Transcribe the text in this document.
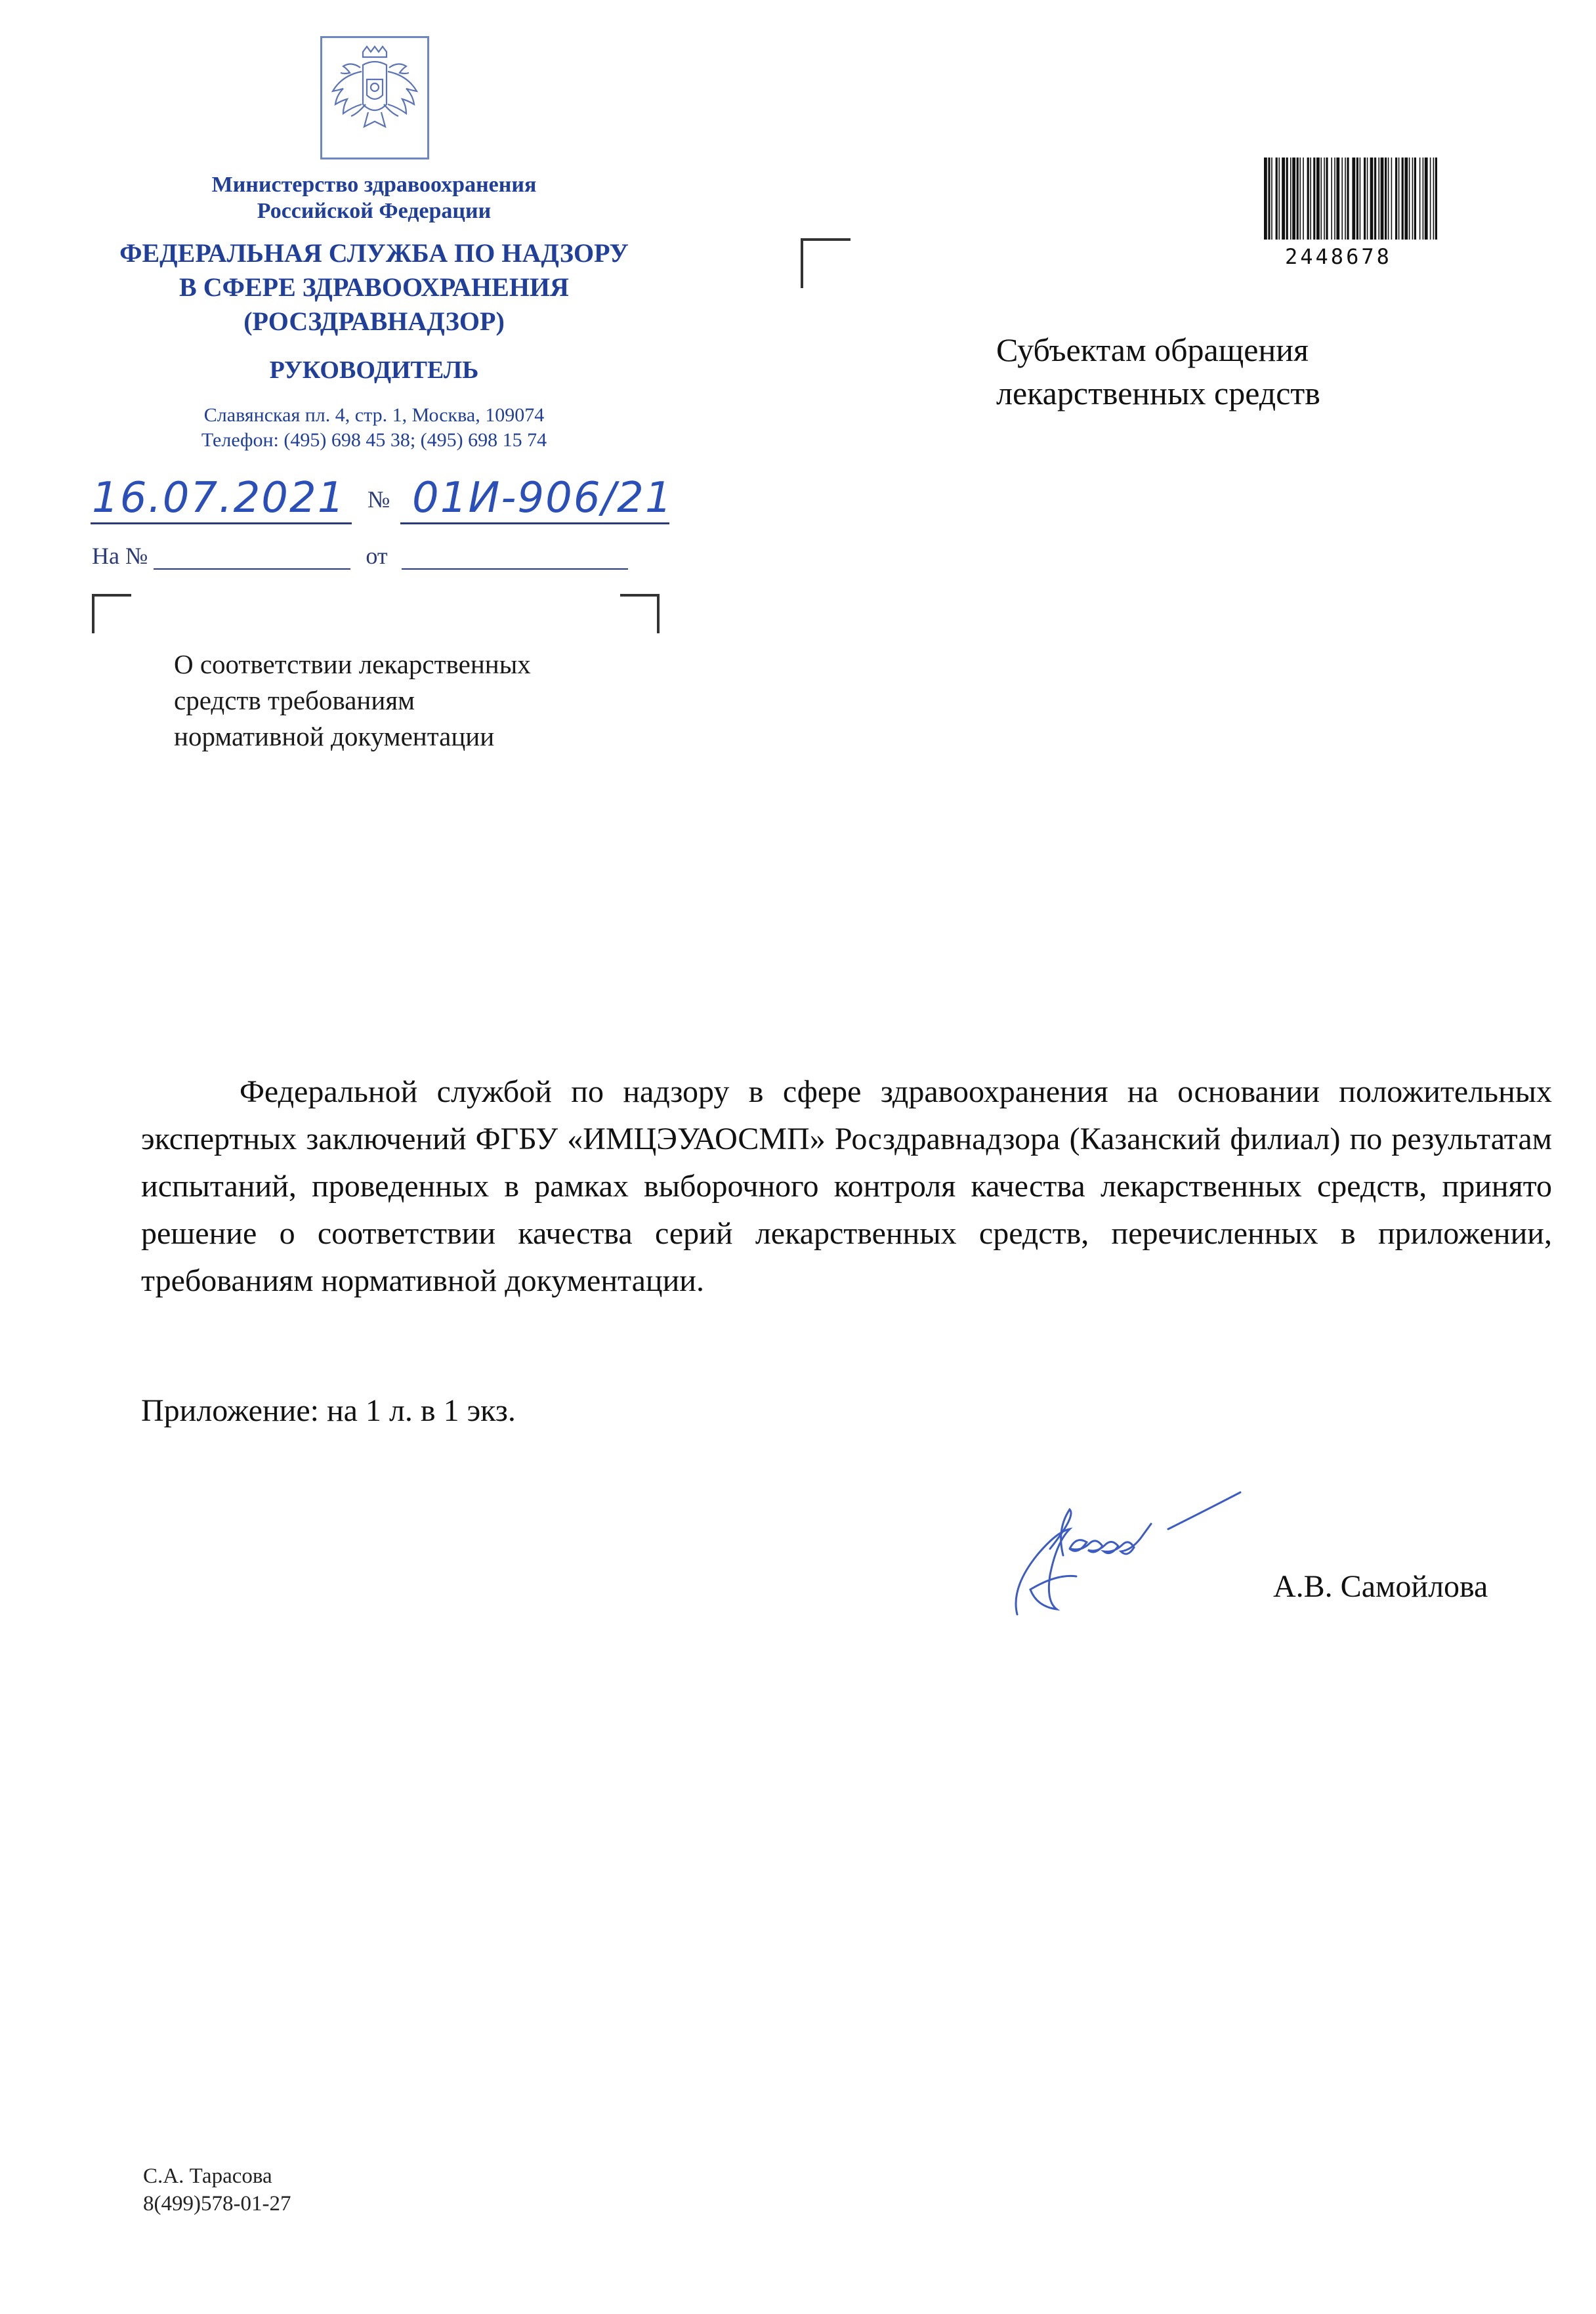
Министерство здравоохранения
Российской Федерации
ФЕДЕРАЛЬНАЯ СЛУЖБА ПО НАДЗОРУ
В СФЕРЕ ЗДРАВООХРАНЕНИЯ
(РОСЗДРАВНАДЗОР)
РУКОВОДИТЕЛЬ
Славянская пл. 4, стр. 1, Москва, 109074
Телефон: (495) 698 45 38; (495) 698 15 74
16.07.2021 № 01И-906/21
На №	от
О соответствии лекарственных
средств требованиям
нормативной документации
2448678
Субъектам обращения
лекарственных средств
Федеральной службой по надзору в сфере здравоохранения на основании положительных экспертных заключений ФГБУ «ИМЦЭУАОСМП» Росздравнадзора (Казанский филиал) по результатам испытаний, проведенных в рамках выборочного контроля качества лекарственных средств, принято решение о соответствии качества серий лекарственных средств, перечисленных в приложении, требованиям нормативной документации.
Приложение: на 1 л. в 1 экз.
А.В. Самойлова
С.А. Тарасова
8(499)578-01-27
